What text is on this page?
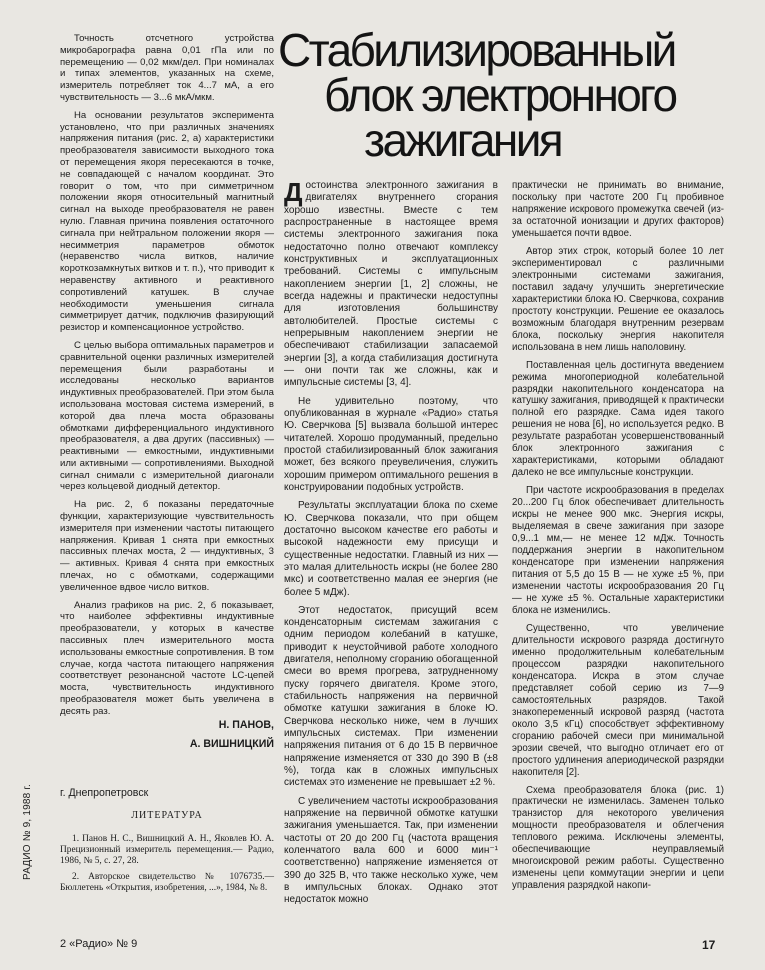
Стабилизированный
блок электронного
зажигания

Точность отсчетного устройства микробарографа равна 0,01 гПа или по перемещению — 0,02 мкм/дел. При номиналах и типах элементов, указанных на схеме, измеритель потребляет ток 4...7 мА, а его чувствительность — 3...6 мкА/мкм.

На основании результатов эксперимента установлено, что при различных значениях напряжения питания (рис. 2, а) характеристики преобразователя зависимости выходного тока от перемещения якоря пересекаются в точке, не совпадающей с началом координат. Это говорит о том, что при симметричном положении якоря относительный магнитный сигнал на выходе преобразователя не равен нулю. Главная причина появления остаточного сигнала при нейтральном положении якоря — несимметрия параметров обмоток (неравенство числа витков, наличие короткозамкнутых витков и т. п.), что приводит к неравенству активного и реактивного сопротивлений катушек. В случае необходимости уменьшения сигнала симметрирует датчик, подключив фазирующий резистор и компенсационное устройство.

С целью выбора оптимальных параметров и сравнительной оценки различных измерителей перемещения были разработаны и исследованы несколько вариантов индуктивных преобразователей. При этом была использована мостовая система измерений, в которой два плеча моста образованы обмотками дифференциального индуктивного преобразователя, а два других (пассивных) — реактивными — емкостными, индуктивными или активными — сопротивлениями. Выходной сигнал снимали с измерительной диагонали через кольцевой диодный детектор.

На рис. 2, б показаны передаточные функции, характеризующие чувствительность измерителя при изменении частоты питающего напряжения. Кривая 1 снята при емкостных пассивных плечах моста, 2 — индуктивных, 3 — активных. Кривая 4 снята при емкостных плечах, но с обмотками, содержащими увеличенное вдвое число витков.

Анализ графиков на рис. 2, б показывает, что наиболее эффективны индуктивные преобразователи, у которых в качестве пассивных плеч измерительного моста использованы емкостные сопротивления. В том случае, когда частота питающего напряжения соответствует резонансной частоте LC-цепей моста, чувствительность индуктивного преобразователя может быть увеличена в десять раз.

Н. ПАНОВ,

А. ВИШНИЦКИЙ

г. Днепропетровск
ЛИТЕРАТУРА
1. Панов Н. С., Вишницкий А. Н., Яковлев Ю. А. Прецизионный измеритель перемещения.— Радио, 1986, № 5, с. 27, 28.
2. Авторское свидетельство № 1076735.— Бюллетень «Открытия, изобретения, ...», 1984, № 8.

Достоинства электронного зажигания в двигателях внутреннего сгорания хорошо известны. Вместе с тем распространенные в настоящее время системы электронного зажигания пока недостаточно полно отвечают комплексу конструктивных и эксплуатационных требований. Системы с импульсным накоплением энергии [1, 2] сложны, не всегда надежны и практически недоступны для изготовления большинству автолюбителей. Простые системы с непрерывным накоплением энергии не обеспечивают стабилизации запасаемой энергии [3], а когда стабилизация достигнута — они почти так же сложны, как и импульсные системы [3, 4].

Не удивительно поэтому, что опубликованная в журнале «Радио» статья Ю. Сверчкова [5] вызвала большой интерес читателей. Хорошо продуманный, предельно простой стабилизированный блок зажигания может, без всякого преувеличения, служить хорошим примером оптимального решения в конструировании подобных устройств.

Результаты эксплуатации блока по схеме Ю. Сверчкова показали, что при общем достаточно высоком качестве его работы и высокой надежности ему присущи и существенные недостатки. Главный из них — это малая длительность искры (не более 280 мкс) и соответственно малая ее энергия (не более 5 мДж).

Этот недостаток, присущий всем конденсаторным системам зажигания с одним периодом колебаний в катушке, приводит к неустойчивой работе холодного двигателя, неполному сгоранию обогащенной смеси во время прогрева, затрудненному пуску горячего двигателя. Кроме этого, стабильность напряжения на первичной обмотке катушки зажигания в блоке Ю. Сверчкова несколько ниже, чем в лучших импульсных системах. При изменении напряжения питания от 6 до 15 В первичное напряжение изменяется от 330 до 390 В (±8 %), тогда как в сложных импульсных системах это изменение не превышает ±2 %.

С увеличением частоты искрообразования напряжение на первичной обмотке катушки зажигания уменьшается. Так, при изменении частоты от 20 до 200 Гц (частота вращения коленчатого вала 600 и 6000 мин⁻¹ соответственно) напряжение изменяется от 390 до 325 В, что также несколько хуже, чем в импульсных блоках. Однако этот недостаток можно

практически не принимать во внимание, поскольку при частоте 200 Гц пробивное напряжение искрового промежутка свечей (из-за остаточной ионизации и других факторов) уменьшается почти вдвое.

Автор этих строк, который более 10 лет экспериментировал с различными электронными системами зажигания, поставил задачу улучшить энергетические характеристики блока Ю. Сверчкова, сохранив простоту конструкции. Решение ее оказалось возможным благодаря внутренним резервам блока, поскольку энергия накопителя использована в нем лишь наполовину.

Поставленная цель достигнута введением режима многопериодной колебательной разрядки накопительного конденсатора на катушку зажигания, приводящей к практически полной его разрядке. Сама идея такого решения не нова [6], но используется редко. В результате разработан усовершенствованный блок электронного зажигания с характеристиками, которыми обладают далеко не все импульсные конструкции.

При частоте искрообразования в пределах 20...200 Гц блок обеспечивает длительность искры не менее 900 мкс. Энергия искры, выделяемая в свече зажигания при зазоре 0,9...1 мм,— не менее 12 мДж. Точность поддержания энергии в накопительном конденсаторе при изменении напряжения питания от 5,5 до 15 В — не хуже ±5 %, при изменении частоты искрообразования 20 Гц — не хуже ±5 %. Остальные характеристики блока не изменились.

Существенно, что увеличение длительности искрового разряда достигнуто именно продолжительным колебательным процессом разрядки накопительного конденсатора. Искра в этом случае представляет собой серию из 7—9 самостоятельных разрядов. Такой знакопеременный искровой разряд (частота около 3,5 кГц) способствует эффективному сгоранию рабочей смеси при минимальной эрозии свечей, что выгодно отличает его от простого удлинения апериодической разрядки накопителя [2].

Схема преобразователя блока (рис. 1) практически не изменилась. Заменен только транзистор для некоторого увеличения мощности преобразователя и облегчения теплового режима. Исключены элементы, обеспечивающие неуправляемый многоискровой режим работы. Существенно изменены цепи коммутации энергии и цепи управления разрядкой накопи-

РАДИО № 9, 1988 г.
2 «Радио» № 9	17
